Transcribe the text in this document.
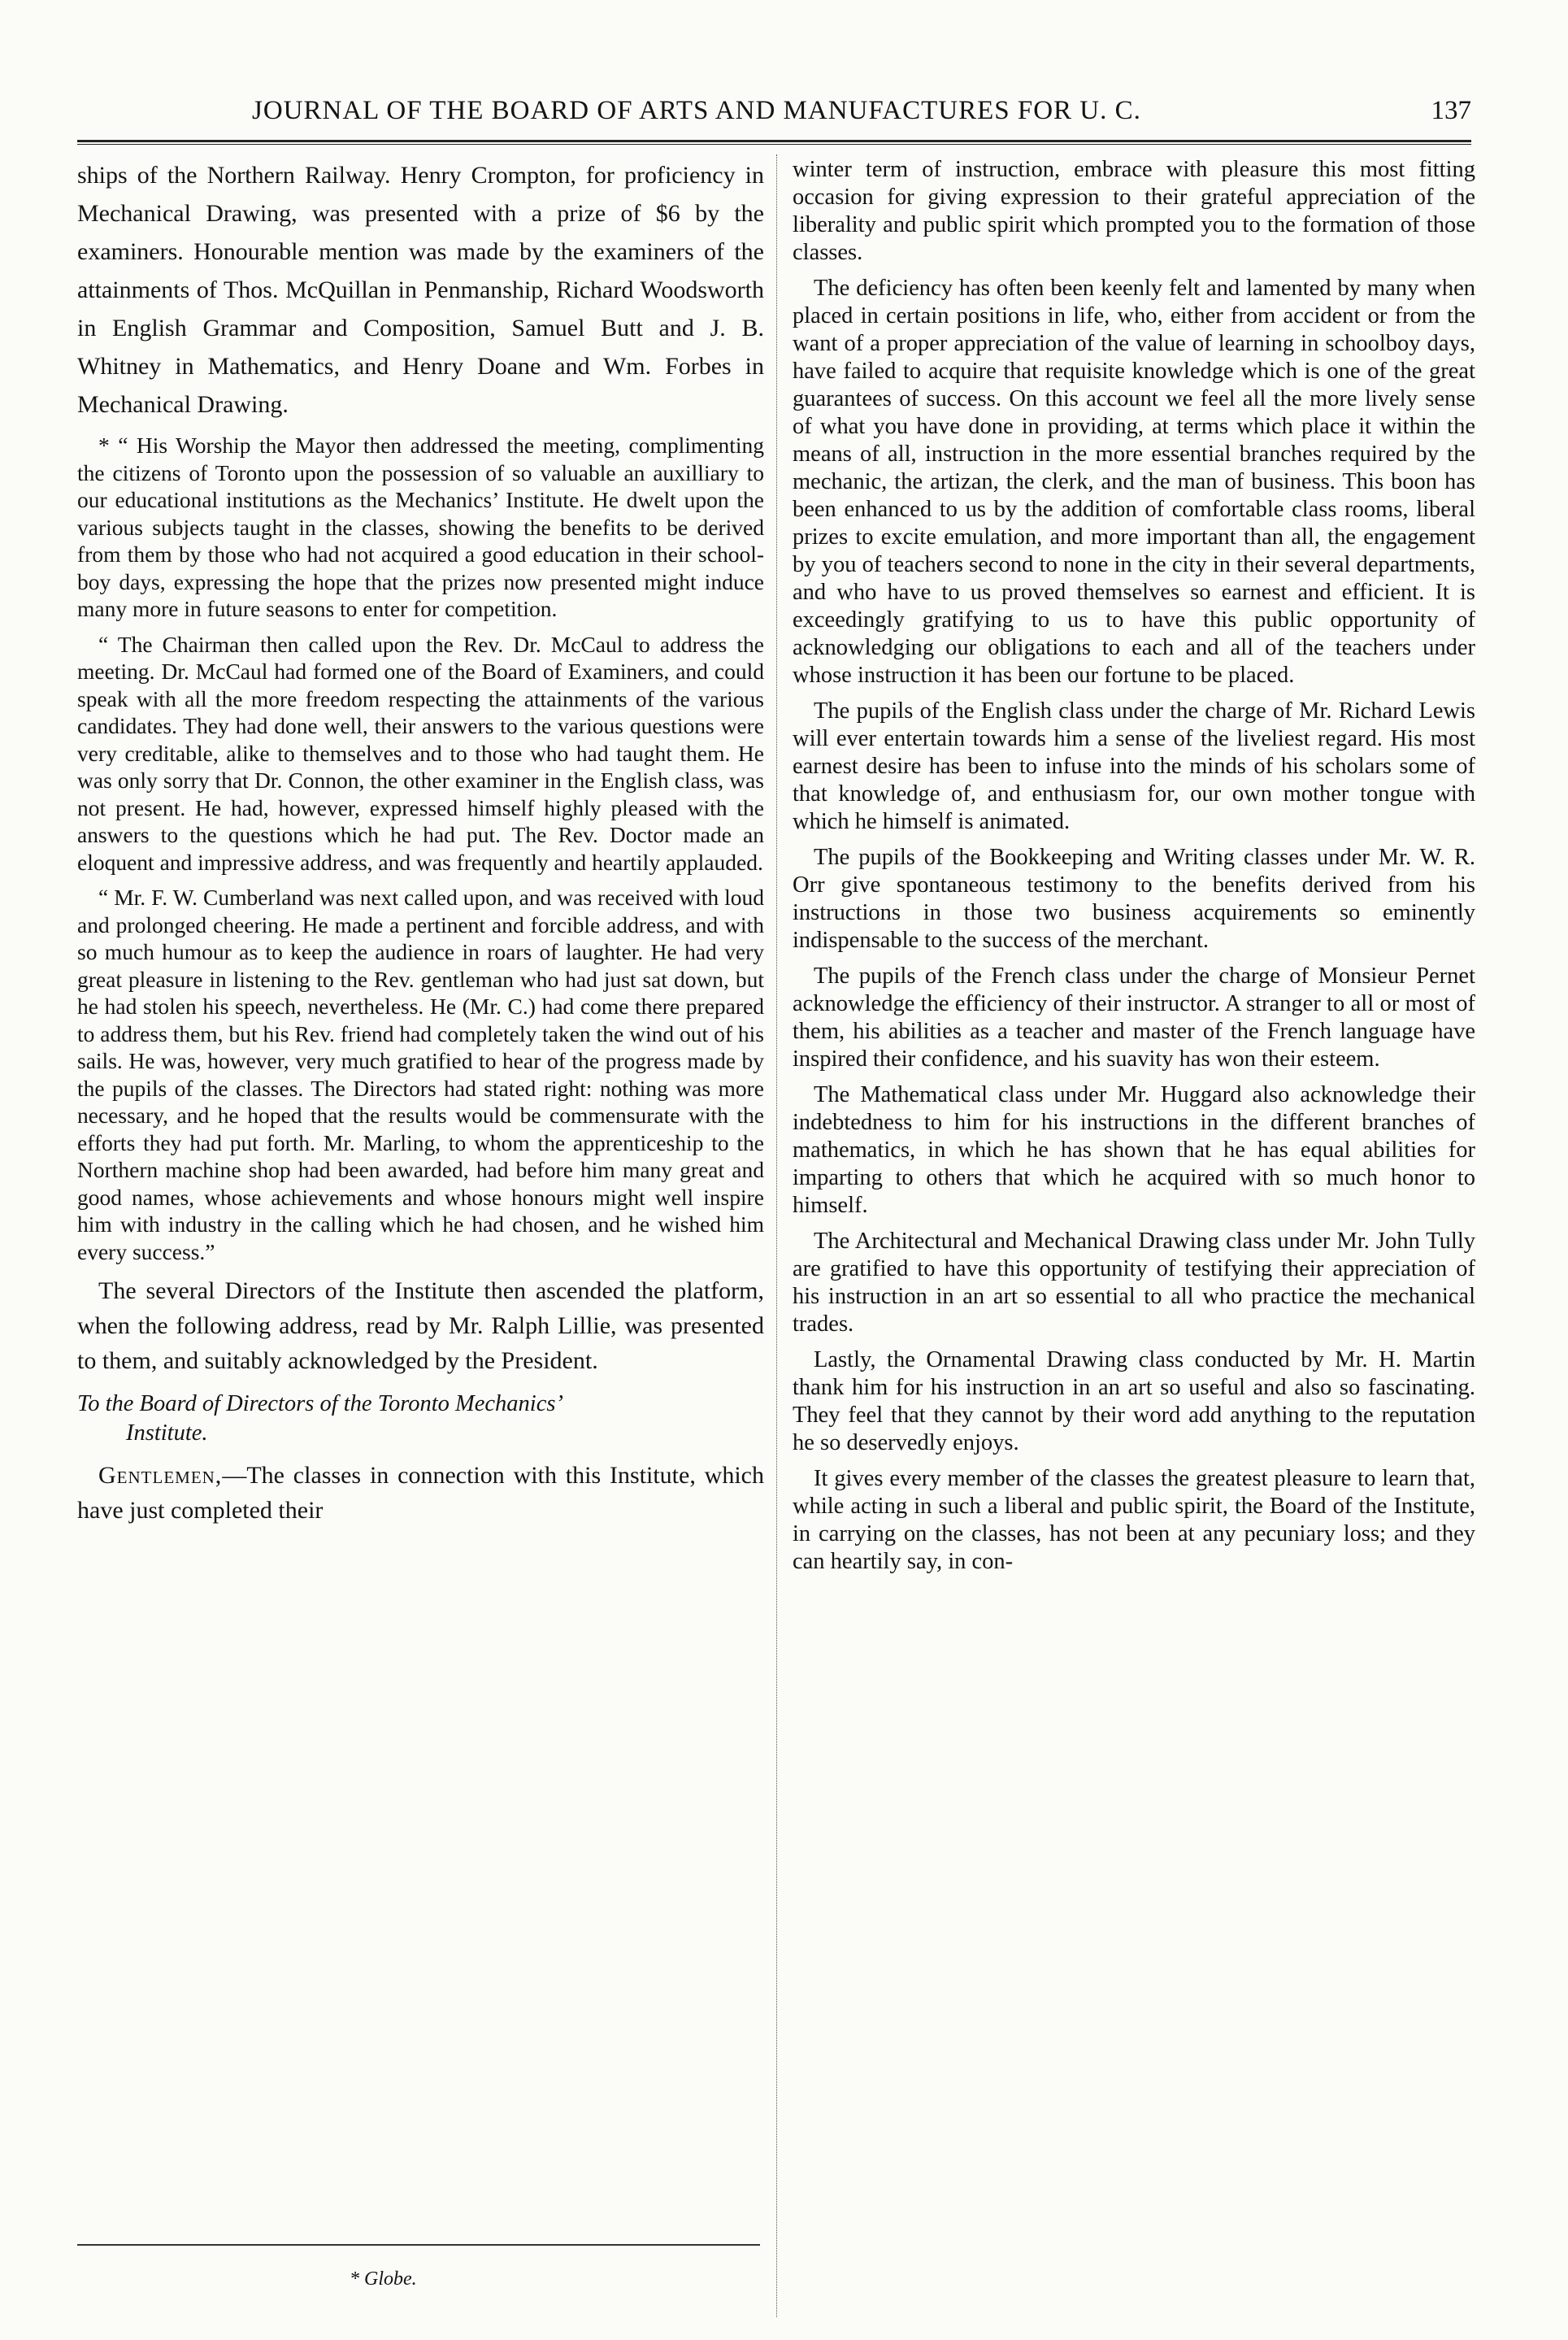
JOURNAL OF THE BOARD OF ARTS AND MANUFACTURES FOR U. C.	137

ships of the Northern Railway. Henry Crompton, for proficiency in Mechanical Drawing, was presented with a prize of $6 by the examiners. Honourable mention was made by the examiners of the attainments of Thos. McQuillan in Penmanship, Richard Woodsworth in English Grammar and Composition, Samuel Butt and J. B. Whitney in Mathematics, and Henry Doane and Wm. Forbes in Mechanical Drawing.

* “ His Worship the Mayor then addressed the meeting, complimenting the citizens of Toronto upon the possession of so valuable an auxilliary to our educational institutions as the Mechanics’ Institute. He dwelt upon the various subjects taught in the classes, showing the benefits to be derived from them by those who had not acquired a good education in their school-boy days, expressing the hope that the prizes now presented might induce many more in future seasons to enter for competition.

“ The Chairman then called upon the Rev. Dr. McCaul to address the meeting. Dr. McCaul had formed one of the Board of Examiners, and could speak with all the more freedom respecting the attainments of the various candidates. They had done well, their answers to the various questions were very creditable, alike to themselves and to those who had taught them. He was only sorry that Dr. Connon, the other examiner in the English class, was not present. He had, however, expressed himself highly pleased with the answers to the questions which he had put. The Rev. Doctor made an eloquent and impressive address, and was frequently and heartily applauded.

“ Mr. F. W. Cumberland was next called upon, and was received with loud and prolonged cheering. He made a pertinent and forcible address, and with so much humour as to keep the audience in roars of laughter. He had very great pleasure in listening to the Rev. gentleman who had just sat down, but he had stolen his speech, nevertheless. He (Mr. C.) had come there prepared to address them, but his Rev. friend had completely taken the wind out of his sails. He was, however, very much gratified to hear of the progress made by the pupils of the classes. The Directors had stated right: nothing was more necessary, and he hoped that the results would be commensurate with the efforts they had put forth. Mr. Marling, to whom the apprenticeship to the Northern machine shop had been awarded, had before him many great and good names, whose achievements and whose honours might well inspire him with industry in the calling which he had chosen, and he wished him every success.”

The several Directors of the Institute then ascended the platform, when the following address, read by Mr. Ralph Lillie, was presented to them, and suitably acknowledged by the President.

To the Board of Directors of the Toronto Mechanics’
Institute.

Gentlemen,—The classes in connection with this Institute, which have just completed their

winter term of instruction, embrace with pleasure this most fitting occasion for giving expression to their grateful appreciation of the liberality and public spirit which prompted you to the formation of those classes.

The deficiency has often been keenly felt and lamented by many when placed in certain positions in life, who, either from accident or from the want of a proper appreciation of the value of learning in schoolboy days, have failed to acquire that requisite knowledge which is one of the great guarantees of success. On this account we feel all the more lively sense of what you have done in providing, at terms which place it within the means of all, instruction in the more essential branches required by the mechanic, the artizan, the clerk, and the man of business. This boon has been enhanced to us by the addition of comfortable class rooms, liberal prizes to excite emulation, and more important than all, the engagement by you of teachers second to none in the city in their several departments, and who have to us proved themselves so earnest and efficient. It is exceedingly gratifying to us to have this public opportunity of acknowledging our obligations to each and all of the teachers under whose instruction it has been our fortune to be placed.

The pupils of the English class under the charge of Mr. Richard Lewis will ever entertain towards him a sense of the liveliest regard. His most earnest desire has been to infuse into the minds of his scholars some of that knowledge of, and enthusiasm for, our own mother tongue with which he himself is animated.

The pupils of the Bookkeeping and Writing classes under Mr. W. R. Orr give spontaneous testimony to the benefits derived from his instructions in those two business acquirements so eminently indispensable to the success of the merchant.

The pupils of the French class under the charge of Monsieur Pernet acknowledge the efficiency of their instructor. A stranger to all or most of them, his abilities as a teacher and master of the French language have inspired their confidence, and his suavity has won their esteem.

The Mathematical class under Mr. Huggard also acknowledge their indebtedness to him for his instructions in the different branches of mathematics, in which he has shown that he has equal abilities for imparting to others that which he acquired with so much honor to himself.

The Architectural and Mechanical Drawing class under Mr. John Tully are gratified to have this opportunity of testifying their appreciation of his instruction in an art so essential to all who practice the mechanical trades.

Lastly, the Ornamental Drawing class conducted by Mr. H. Martin thank him for his instruction in an art so useful and also so fascinating. They feel that they cannot by their word add anything to the reputation he so deservedly enjoys.

It gives every member of the classes the greatest pleasure to learn that, while acting in such a liberal and public spirit, the Board of the Institute, in carrying on the classes, has not been at any pecuniary loss; and they can heartily say, in con-

* Globe.
